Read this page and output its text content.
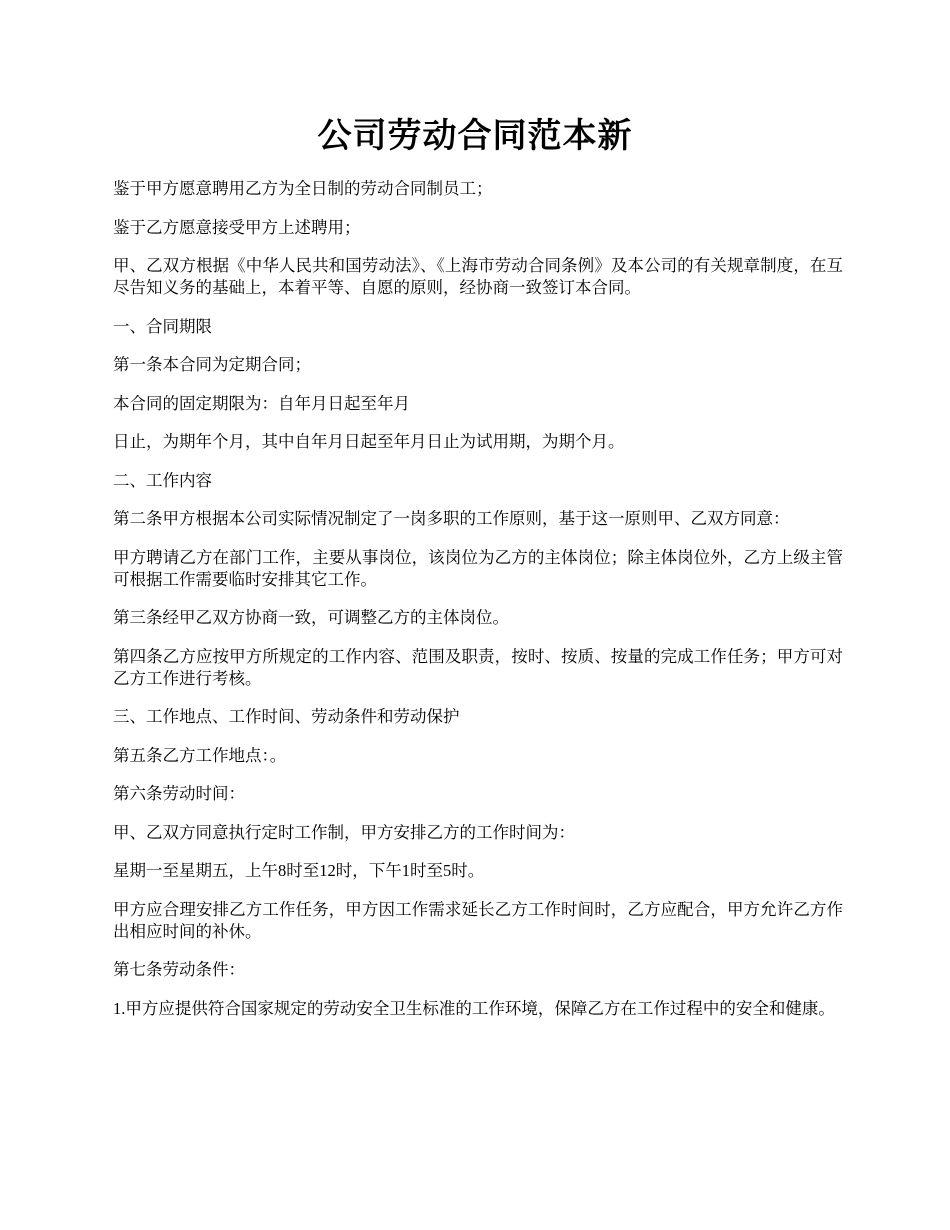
公司劳动合同范本新

鉴于甲方愿意聘用乙方为全日制的劳动合同制员工；

鉴于乙方愿意接受甲方上述聘用；

甲、乙双方根据《中华人民共和国劳动法》、《上海市劳动合同条例》及本公司的有关规章制度，在互尽告知义务的基础上，本着平等、自愿的原则，经协商一致签订本合同。

一、合同期限

第一条本合同为定期合同；

本合同的固定期限为：自年月日起至年月

日止，为期年个月，其中自年月日起至年月日止为试用期，为期个月。

二、工作内容

第二条甲方根据本公司实际情况制定了一岗多职的工作原则，基于这一原则甲、乙双方同意：

甲方聘请乙方在部门工作，主要从事岗位，该岗位为乙方的主体岗位；除主体岗位外，乙方上级主管可根据工作需要临时安排其它工作。

第三条经甲乙双方协商一致，可调整乙方的主体岗位。

第四条乙方应按甲方所规定的工作内容、范围及职责，按时、按质、按量的完成工作任务；甲方可对乙方工作进行考核。

三、工作地点、工作时间、劳动条件和劳动保护

第五条乙方工作地点：。

第六条劳动时间：

甲、乙双方同意执行定时工作制，甲方安排乙方的工作时间为：

星期一至星期五，上午8时至12时，下午1时至5时。

甲方应合理安排乙方工作任务，甲方因工作需求延长乙方工作时间时，乙方应配合，甲方允许乙方作出相应时间的补休。

第七条劳动条件：

1.甲方应提供符合国家规定的劳动安全卫生标准的工作环境，保障乙方在工作过程中的安全和健康。
